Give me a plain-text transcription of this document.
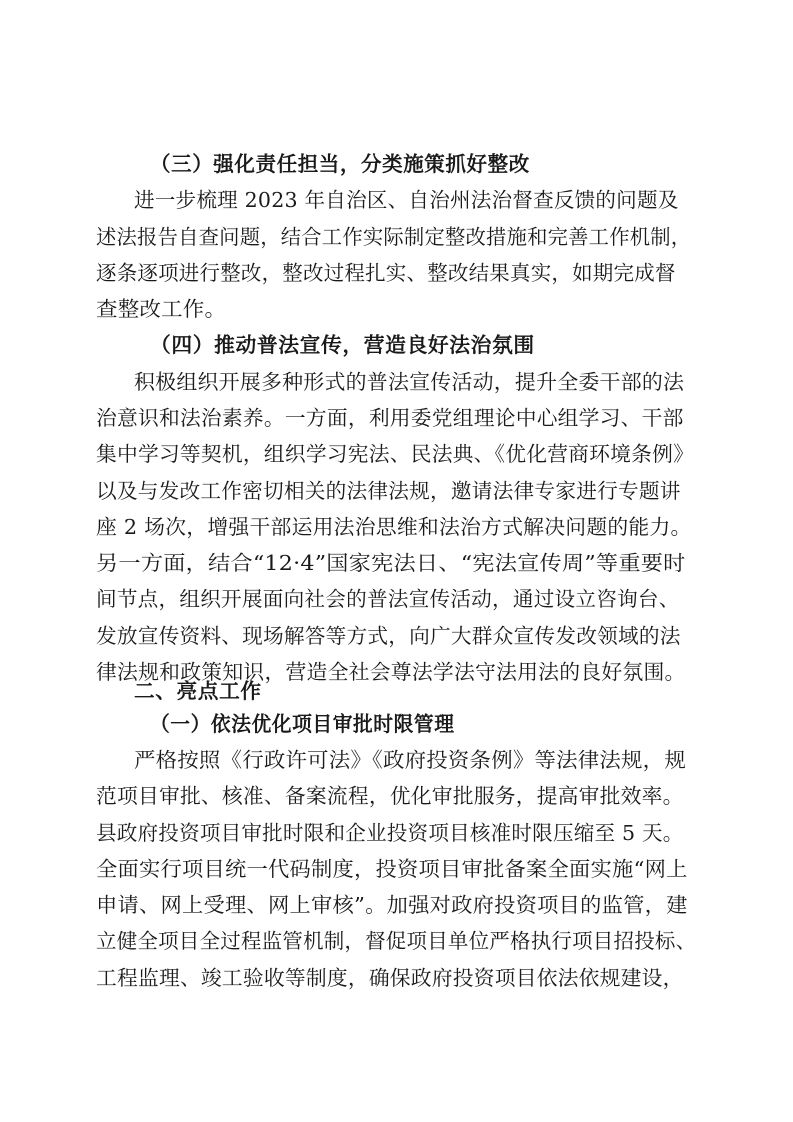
（三）强化责任担当，分类施策抓好整改
进一步梳理 2023 年自治区、自治州法治督查反馈的问题及
述法报告自查问题，结合工作实际制定整改措施和完善工作机制，
逐条逐项进行整改，整改过程扎实、整改结果真实，如期完成督
查整改工作。
（四）推动普法宣传，营造良好法治氛围
积极组织开展多种形式的普法宣传活动，提升全委干部的法
治意识和法治素养。一方面，利用委党组理论中心组学习、干部
集中学习等契机，组织学习宪法、民法典、《优化营商环境条例》
以及与发改工作密切相关的法律法规，邀请法律专家进行专题讲
座 2 场次，增强干部运用法治思维和法治方式解决问题的能力。
另一方面，结合“12·4”国家宪法日、“宪法宣传周”等重要时
间节点，组织开展面向社会的普法宣传活动，通过设立咨询台、
发放宣传资料、现场解答等方式，向广大群众宣传发改领域的法
律法规和政策知识，营造全社会尊法学法守法用法的良好氛围。
二、亮点工作
（一）依法优化项目审批时限管理
严格按照《行政许可法》《政府投资条例》等法律法规，规
范项目审批、核准、备案流程，优化审批服务，提高审批效率。
县政府投资项目审批时限和企业投资项目核准时限压缩至 5 天。
全面实行项目统一代码制度，投资项目审批备案全面实施“网上
申请、网上受理、网上审核”。加强对政府投资项目的监管，建
立健全项目全过程监管机制，督促项目单位严格执行项目招投标、
工程监理、竣工验收等制度，确保政府投资项目依法依规建设，
